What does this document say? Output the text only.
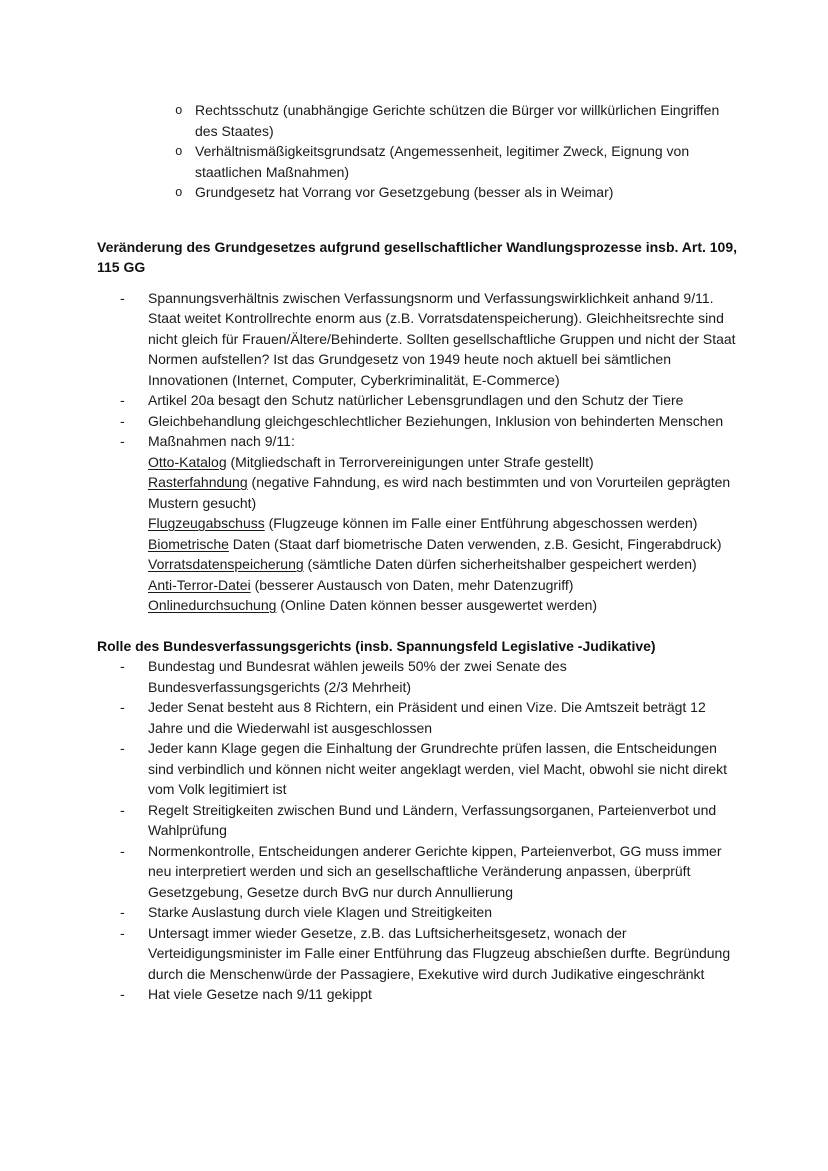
o Rechtsschutz (unabhängige Gerichte schützen die Bürger vor willkürlichen Eingriffen des Staates)
o Verhältnismäßigkeitsgrundsatz (Angemessenheit, legitimer Zweck, Eignung von staatlichen Maßnahmen)
o Grundgesetz hat Vorrang vor Gesetzgebung (besser als in Weimar)
Veränderung des Grundgesetzes aufgrund gesellschaftlicher Wandlungsprozesse insb. Art. 109,
115 GG
- Spannungsverhältnis zwischen Verfassungsnorm und Verfassungswirklichkeit anhand 9/11. Staat weitet Kontrollrechte enorm aus (z.B. Vorratsdatenspeicherung). Gleichheitsrechte sind nicht gleich für Frauen/Ältere/Behinderte. Sollten gesellschaftliche Gruppen und nicht der Staat Normen aufstellen? Ist das Grundgesetz von 1949 heute noch aktuell bei sämtlichen Innovationen (Internet, Computer, Cyberkriminalität, E-Commerce)
- Artikel 20a besagt den Schutz natürlicher Lebensgrundlagen und den Schutz der Tiere
- Gleichbehandlung gleichgeschlechtlicher Beziehungen, Inklusion von behinderten Menschen
- Maßnahmen nach 9/11:
Otto-Katalog (Mitgliedschaft in Terrorvereinigungen unter Strafe gestellt)
Rasterfahndung (negative Fahndung, es wird nach bestimmten und von Vorurteilen geprägten Mustern gesucht)
Flugzeugabschuss (Flugzeuge können im Falle einer Entführung abgeschossen werden)
Biometrische Daten (Staat darf biometrische Daten verwenden, z.B. Gesicht, Fingerabdruck)
Vorratsdatenspeicherung (sämtliche Daten dürfen sicherheitshalber gespeichert werden)
Anti-Terror-Datei (besserer Austausch von Daten, mehr Datenzugriff)
Onlinedurchsuchung (Online Daten können besser ausgewertet werden)
Rolle des Bundesverfassungsgerichts (insb. Spannungsfeld Legislative -Judikative)
- Bundestag und Bundesrat wählen jeweils 50% der zwei Senate des Bundesverfassungsgerichts (2/3 Mehrheit)
- Jeder Senat besteht aus 8 Richtern, ein Präsident und einen Vize. Die Amtszeit beträgt 12 Jahre und die Wiederwahl ist ausgeschlossen
- Jeder kann Klage gegen die Einhaltung der Grundrechte prüfen lassen, die Entscheidungen sind verbindlich und können nicht weiter angeklagt werden, viel Macht, obwohl sie nicht direkt vom Volk legitimiert ist
- Regelt Streitigkeiten zwischen Bund und Ländern, Verfassungsorganen, Parteienverbot und Wahlprüfung
- Normenkontrolle, Entscheidungen anderer Gerichte kippen, Parteienverbot, GG muss immer neu interpretiert werden und sich an gesellschaftliche Veränderung anpassen, überprüft Gesetzgebung, Gesetze durch BvG nur durch Annullierung
- Starke Auslastung durch viele Klagen und Streitigkeiten
- Untersagt immer wieder Gesetze, z.B. das Luftsicherheitsgesetz, wonach der Verteidigungsminister im Falle einer Entführung das Flugzeug abschießen durfte. Begründung durch die Menschenwürde der Passagiere, Exekutive wird durch Judikative eingeschränkt
- Hat viele Gesetze nach 9/11 gekippt
